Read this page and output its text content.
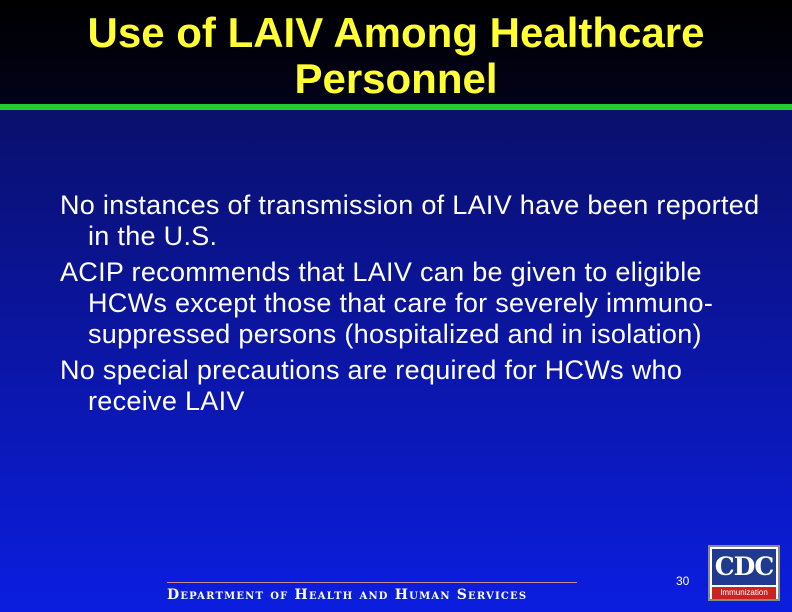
Use of LAIV Among Healthcare
Personnel
No instances of transmission of LAIV have been reported in the U.S.
ACIP recommends that LAIV can be given to eligible HCWs except those that care for severely immuno-suppressed persons (hospitalized and in isolation)
No special precautions are required for HCWs who receive LAIV
Department of Health and Human Services
30 CDC
Immunization
